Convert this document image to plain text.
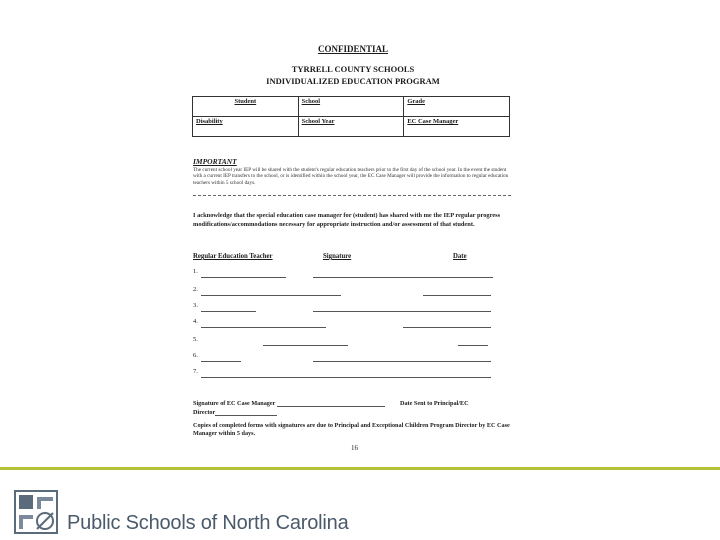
CONFIDENTIAL
TYRRELL COUNTY SCHOOLS
INDIVIDUALIZED EDUCATION PROGRAM
Student	School	Grade
Disability	School Year	EC Case Manager
IMPORTANT
The current school year IEP will be shared with the student's regular education teachers prior to the first day of the school year. In the event the student with a current IEP transfers to the school, or is identified within the school year, the EC Case Manager will provide the information to regular education teachers within 5 school days.
I acknowledge that the special education case manager for (student) has shared with me the IEP regular progress modifications/accommodations necessary for appropriate instruction and/or assessment of that student.
Regular Education Teacher	Signature	Date
1.
2.
3.
4.
5.
6.
7.
Signature of EC Case Manager	Date Sent to Principal/EC
Director
Copies of completed forms with signatures are due to Principal and Exceptional Children Program Director by EC Case Manager within 5 days.
16
Public Schools of North Carolina
